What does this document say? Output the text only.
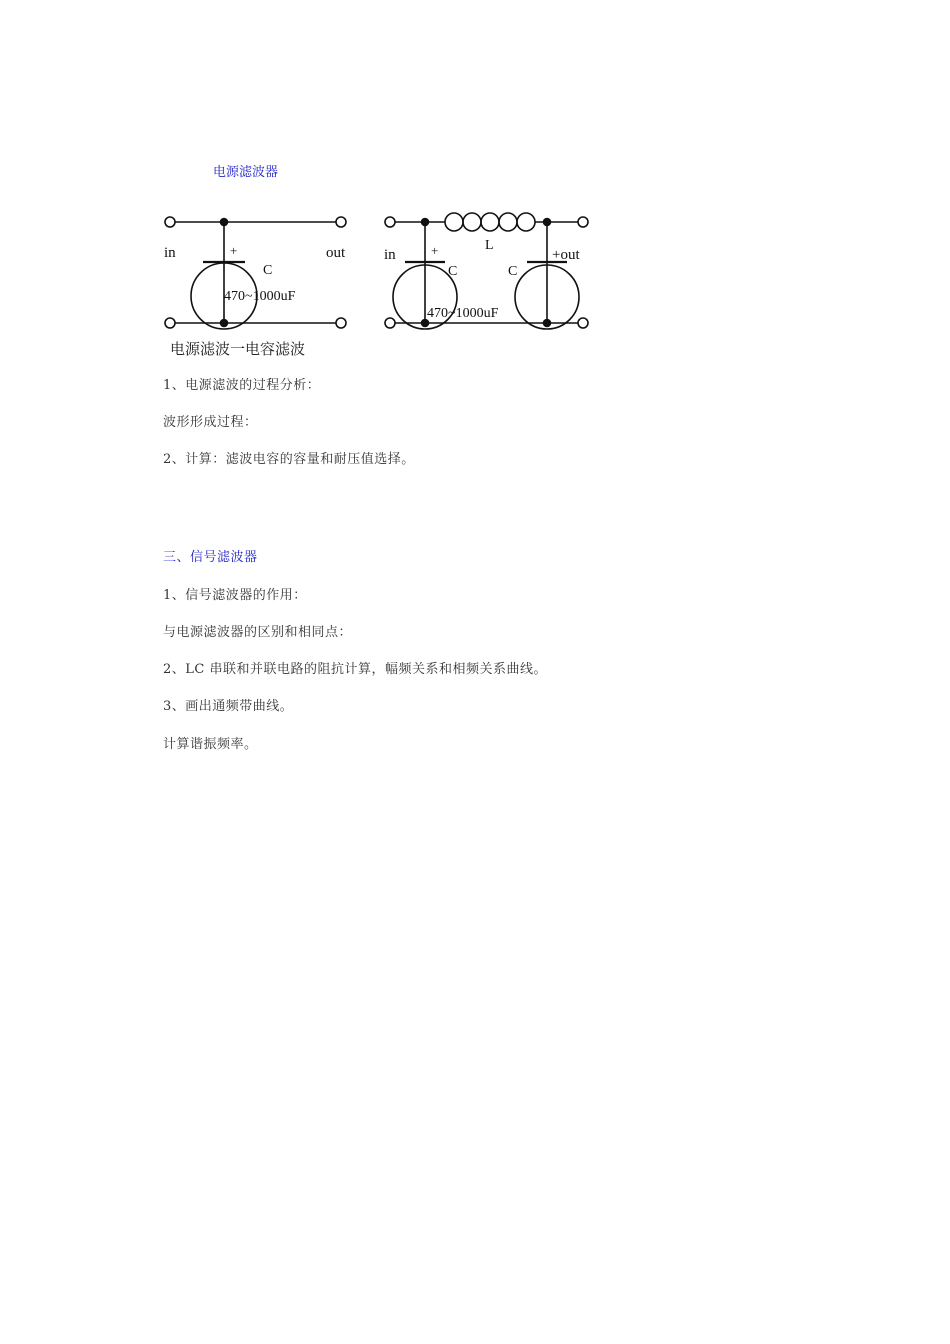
电源滤波器
in	out
+
C
470~1000uF
电源滤波一电容滤波
in	+
C
L
C
+out
470~1000uF
1、电源滤波的过程分析：
波形形成过程：
2、计算：滤波电容的容量和耐压值选择。
三、信号滤波器
1、信号滤波器的作用：
与电源滤波器的区别和相同点：
2、LC 串联和并联电路的阻抗计算，幅频关系和相频关系曲线。
3、画出通频带曲线。
计算谐振频率。
